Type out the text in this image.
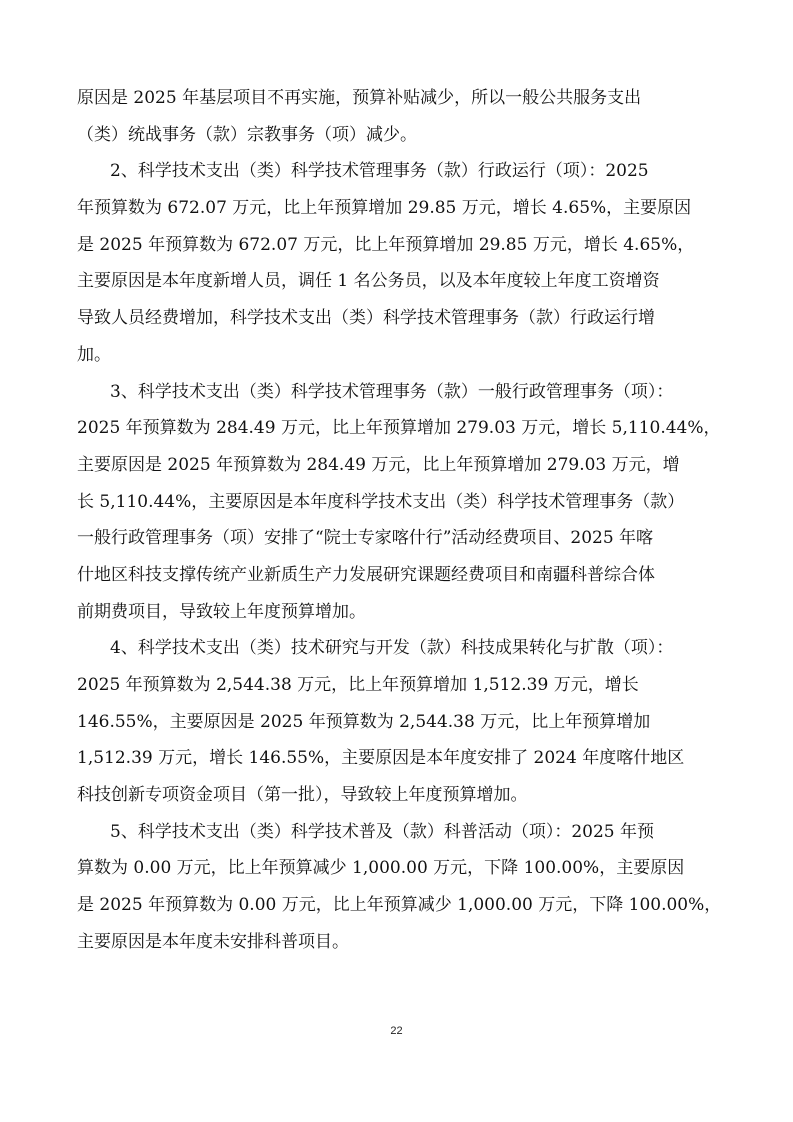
原因是 2025 年基层项目不再实施，预算补贴减少，所以一般公共服务支出
（类）统战事务（款）宗教事务（项）减少。
2、科学技术支出（类）科学技术管理事务（款）行政运行（项）：2025
年预算数为 672.07 万元，比上年预算增加 29.85 万元，增长 4.65%，主要原因
是 2025 年预算数为 672.07 万元，比上年预算增加 29.85 万元，增长 4.65%，
主要原因是本年度新增人员，调任 1 名公务员，以及本年度较上年度工资增资
导致人员经费增加，科学技术支出（类）科学技术管理事务（款）行政运行增
加。
3、科学技术支出（类）科学技术管理事务（款）一般行政管理事务（项）：
2025 年预算数为 284.49 万元，比上年预算增加 279.03 万元，增长 5,110.44%，
主要原因是 2025 年预算数为 284.49 万元，比上年预算增加 279.03 万元，增
长 5,110.44%，主要原因是本年度科学技术支出（类）科学技术管理事务（款）
一般行政管理事务（项）安排了“院士专家喀什行”活动经费项目、2025 年喀
什地区科技支撑传统产业新质生产力发展研究课题经费项目和南疆科普综合体
前期费项目，导致较上年度预算增加。
4、科学技术支出（类）技术研究与开发（款）科技成果转化与扩散（项）：
2025 年预算数为 2,544.38 万元，比上年预算增加 1,512.39 万元，增长
146.55%，主要原因是 2025 年预算数为 2,544.38 万元，比上年预算增加
1,512.39 万元，增长 146.55%，主要原因是本年度安排了 2024 年度喀什地区
科技创新专项资金项目（第一批），导致较上年度预算增加。
5、科学技术支出（类）科学技术普及（款）科普活动（项）：2025 年预
算数为 0.00 万元，比上年预算减少 1,000.00 万元，下降 100.00%，主要原因
是 2025 年预算数为 0.00 万元，比上年预算减少 1,000.00 万元，下降 100.00%，
主要原因是本年度未安排科普项目。
22
